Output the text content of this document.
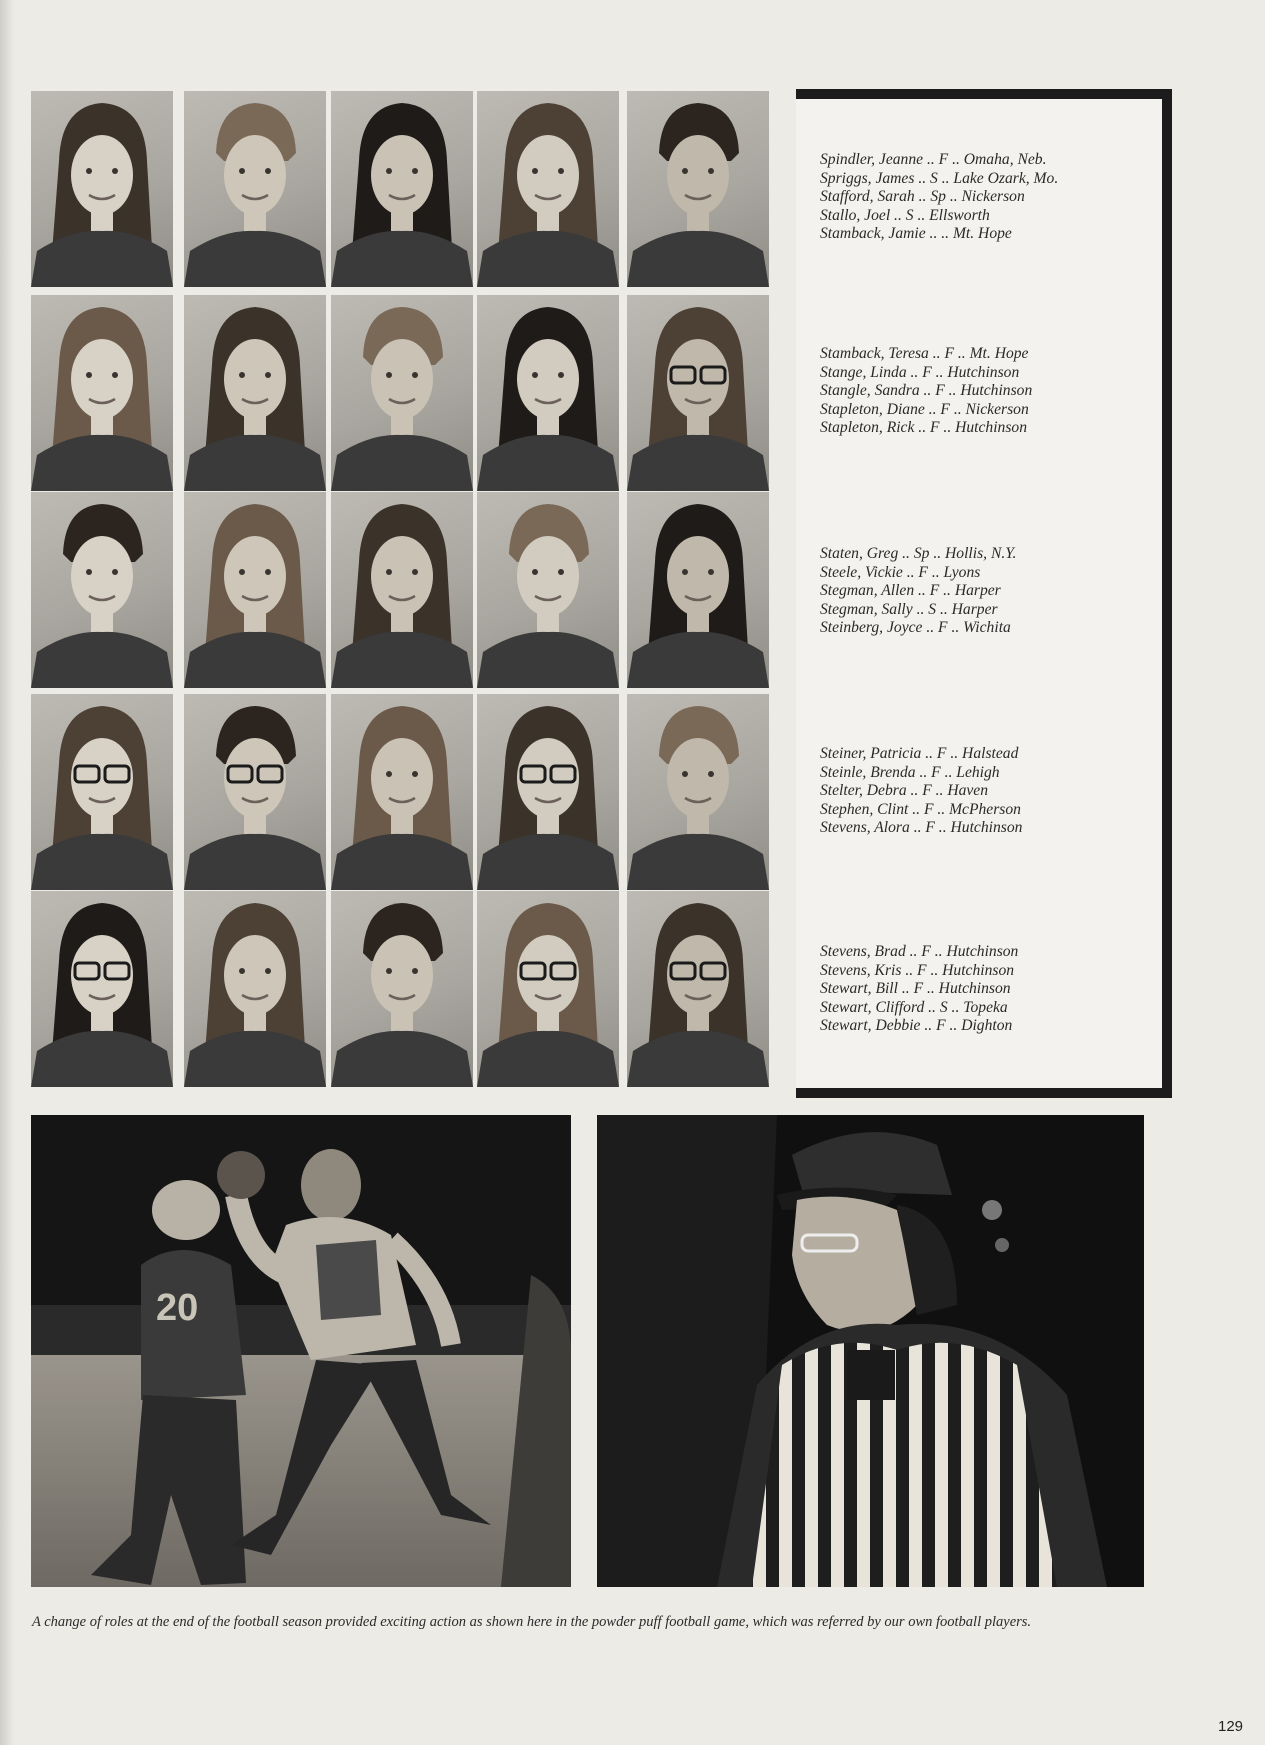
Spindler, Jeanne .. F .. Omaha, Neb.
Spriggs, James .. S .. Lake Ozark, Mo.
Stafford, Sarah .. Sp .. Nickerson
Stallo, Joel .. S .. Ellsworth
Stamback, Jamie .. .. Mt. Hope
Stamback, Teresa .. F .. Mt. Hope
Stange, Linda .. F .. Hutchinson
Stangle, Sandra .. F .. Hutchinson
Stapleton, Diane .. F .. Nickerson
Stapleton, Rick .. F .. Hutchinson
Staten, Greg .. Sp .. Hollis, N.Y.
Steele, Vickie .. F .. Lyons
Stegman, Allen .. F .. Harper
Stegman, Sally .. S .. Harper
Steinberg, Joyce .. F .. Wichita
Steiner, Patricia .. F .. Halstead
Steinle, Brenda .. F .. Lehigh
Stelter, Debra .. F .. Haven
Stephen, Clint .. F .. McPherson
Stevens, Alora .. F .. Hutchinson
Stevens, Brad .. F .. Hutchinson
Stevens, Kris .. F .. Hutchinson
Stewart, Bill .. F .. Hutchinson
Stewart, Clifford .. S .. Topeka
Stewart, Debbie .. F .. Dighton
20
A change of roles at the end of the football season provided exciting action as shown here in the powder puff football game, which was referred by our own football players.
129
